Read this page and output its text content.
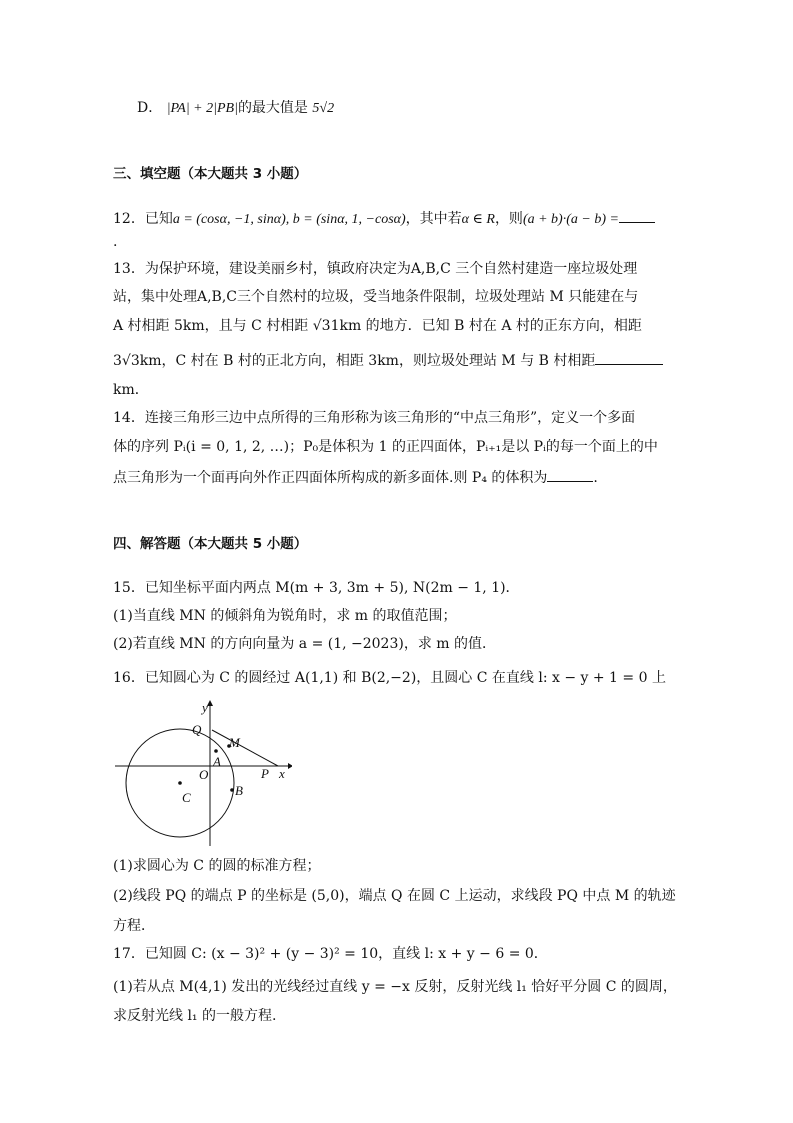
D． |PA| + 2|PB|的最大值是 5√2
三、填空题（本大题共 3 小题）
12．已知a = (cosα, −1, sinα), b = (sinα, 1, −cosα)，其中若α ∈ R，则(a + b)·(a − b) =
.
13．为保护环境，建设美丽乡村，镇政府决定为A,B,C 三个自然村建造一座垃圾处理
站，集中处理A,B,C三个自然村的垃圾，受当地条件限制，垃圾处理站 M 只能建在与
A 村相距 5km，且与 C 村相距 √31km 的地方．已知 B 村在 A 村的正东方向，相距
3√3km，C 村在 B 村的正北方向，相距 3km，则垃圾处理站 M 与 B 村相距
km．
14．连接三角形三边中点所得的三角形称为该三角形的“中点三角形”，定义一个多面
体的序列 Pᵢ(i = 0, 1, 2, …)；P₀是体积为 1 的正四面体，Pᵢ₊₁是以 Pᵢ的每一个面上的中
点三角形为一个面再向外作正四面体所构成的新多面体.则 P₄ 的体积为	.
四、解答题（本大题共 5 小题）
15．已知坐标平面内两点 M(m + 3, 3m + 5), N(2m − 1, 1)．
(1)当直线 MN 的倾斜角为锐角时，求 m 的取值范围；
(2)若直线 MN 的方向向量为 a = (1, −2023)，求 m 的值．
16．已知圆心为 C 的圆经过 A(1,1) 和 B(2,−2)，且圆心 C 在直线 l: x − y + 1 = 0 上
y
x
O
Q
M
A
P
B
C
(1)求圆心为 C 的圆的标准方程；
(2)线段 PQ 的端点 P 的坐标是 (5,0)，端点 Q 在圆 C 上运动，求线段 PQ 中点 M 的轨迹
方程．
17．已知圆 C: (x − 3)² + (y − 3)² = 10，直线 l: x + y − 6 = 0．
(1)若从点 M(4,1) 发出的光线经过直线 y = −x 反射，反射光线 l₁ 恰好平分圆 C 的圆周，
求反射光线 l₁ 的一般方程.
